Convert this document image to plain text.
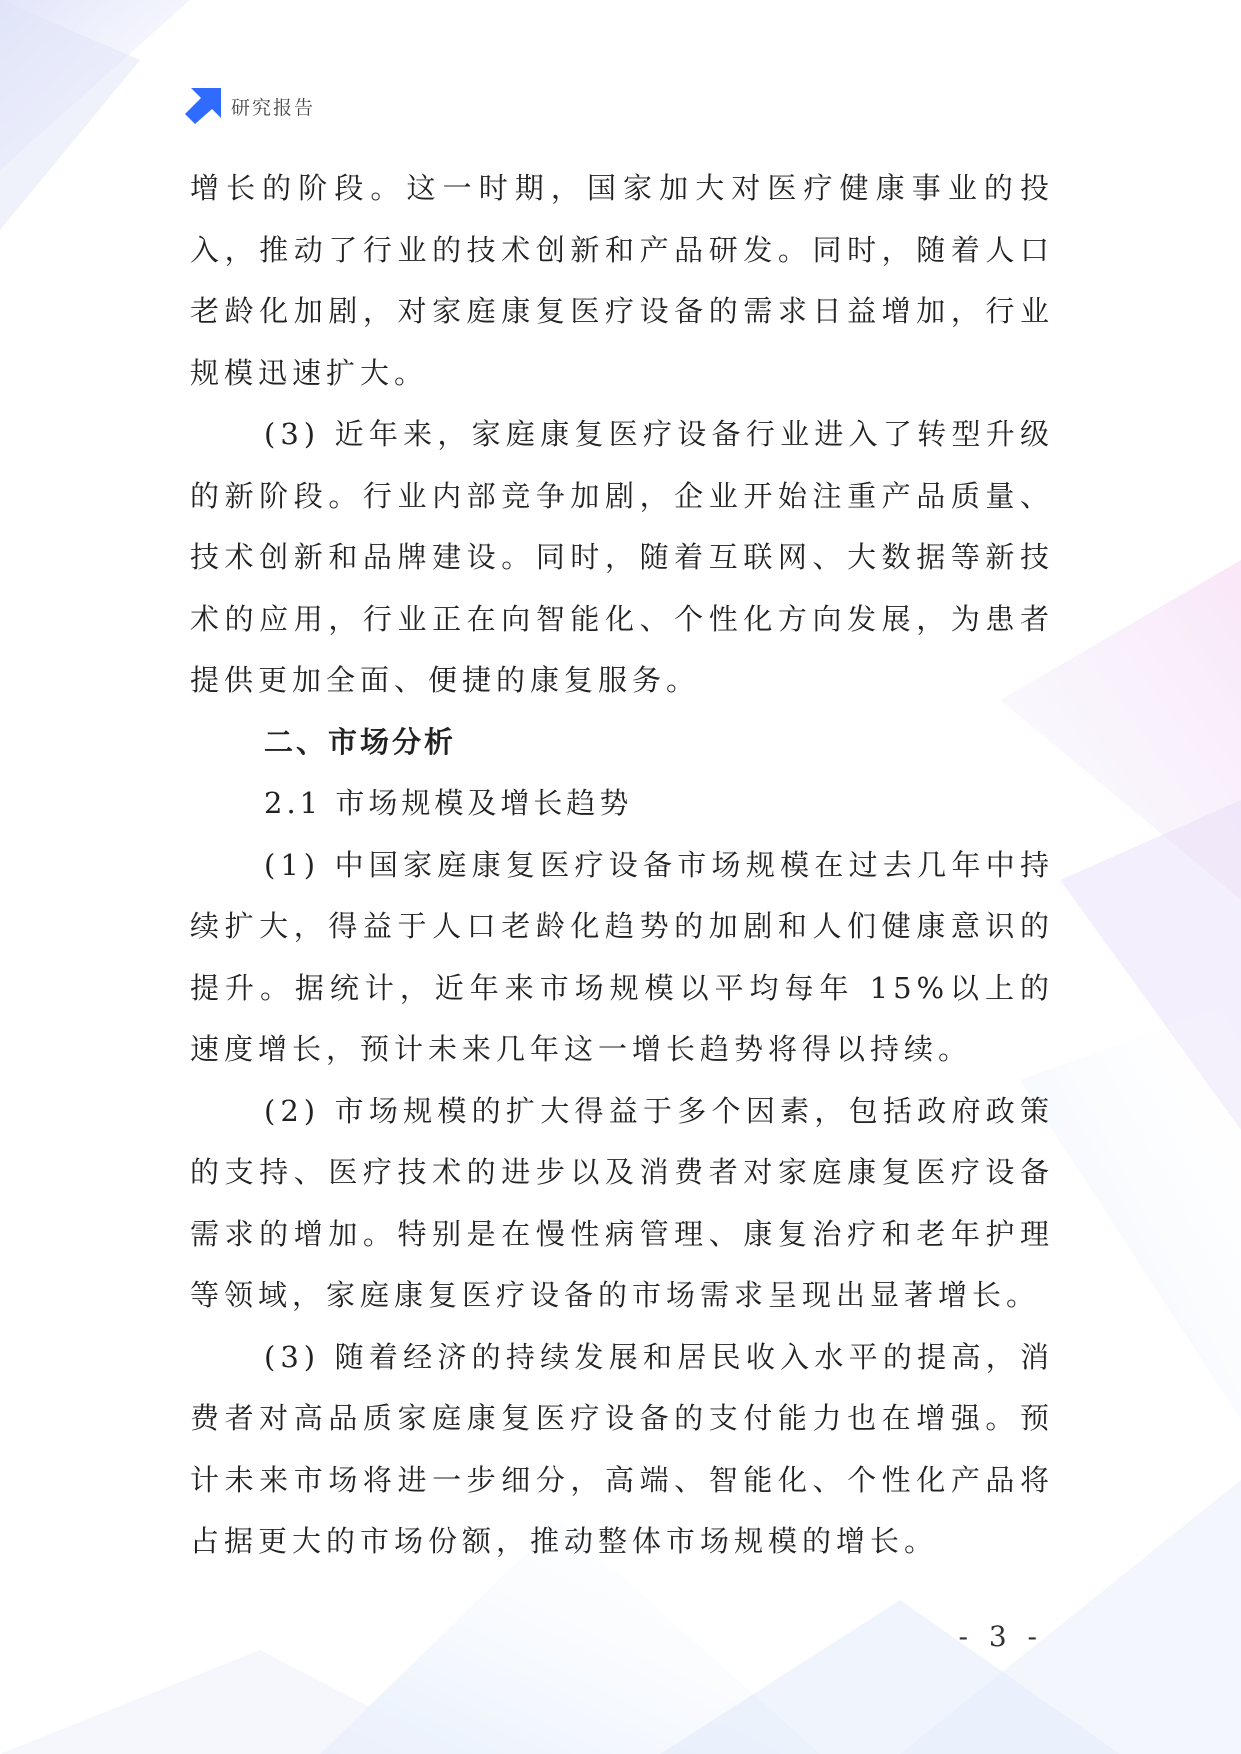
研究报告

增长的阶段。这一时期，国家加大对医疗健康事业的投入，推动了行业的技术创新和产品研发。同时，随着人口老龄化加剧，对家庭康复医疗设备的需求日益增加，行业规模迅速扩大。

(3) 近年来，家庭康复医疗设备行业进入了转型升级的新阶段。行业内部竞争加剧，企业开始注重产品质量、技术创新和品牌建设。同时，随着互联网、大数据等新技术的应用，行业正在向智能化、个性化方向发展，为患者提供更加全面、便捷的康复服务。

二、市场分析

2.1 市场规模及增长趋势

(1) 中国家庭康复医疗设备市场规模在过去几年中持续扩大，得益于人口老龄化趋势的加剧和人们健康意识的提升。据统计，近年来市场规模以平均每年 15%以上的速度增长，预计未来几年这一增长趋势将得以持续。

(2) 市场规模的扩大得益于多个因素，包括政府政策的支持、医疗技术的进步以及消费者对家庭康复医疗设备需求的增加。特别是在慢性病管理、康复治疗和老年护理等领域，家庭康复医疗设备的市场需求呈现出显著增长。

(3) 随着经济的持续发展和居民收入水平的提高，消费者对高品质家庭康复医疗设备的支付能力也在增强。预计未来市场将进一步细分，高端、智能化、个性化产品将占据更大的市场份额，推动整体市场规模的增长。

- 3 -
